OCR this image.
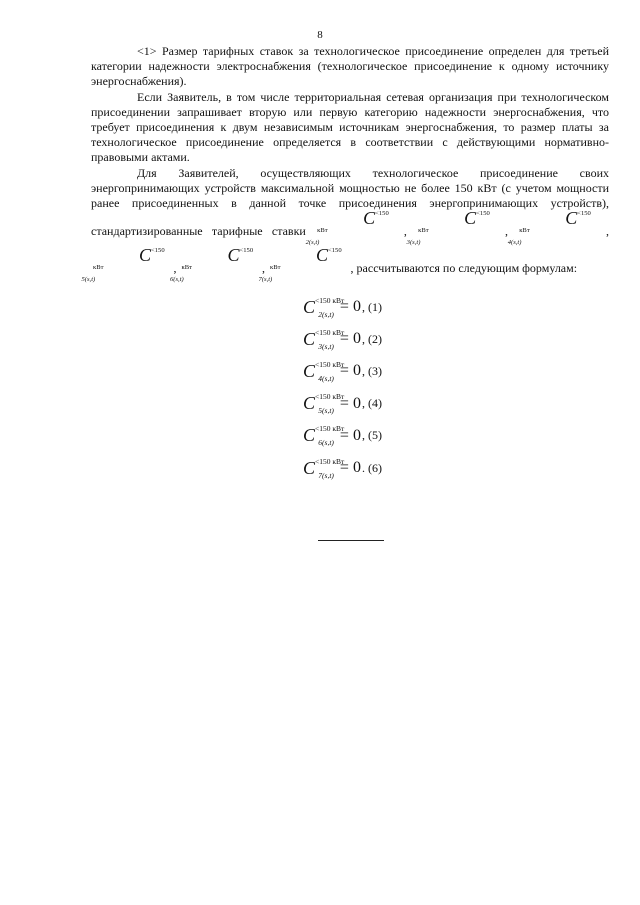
8

<1> Размер тарифных ставок за технологическое присоединение определен для третьей категории надежности электроснабжения (технологическое присоединение к одному источнику энергоснабжения).

Если Заявитель, в том числе территориальная сетевая организация при технологическом присоединении запрашивает вторую или первую категорию надежности энергоснабжения, что требует присоединения к двум независимым источникам энергоснабжения, то размер платы за технологическое присоединение определяется в соответствии с действующими нормативно-правовыми актами.

Для Заявителей, осуществляющих технологическое присоединение своих энергопринимающих устройств максимальной мощностью не более 150 кВт (с учетом мощности ранее присоединенных в данной точке присоединения энергопринимающих устройств), стандартизированные тарифные ставки $C^{<150 кВт}_{2(s,t)}$ , $C^{<150 кВт}_{3(s,t)}$ , $C^{<150 кВт}_{4(s,t)}$ , $C^{<150 кВт}_{5(s,t)}$ , $C^{<150 кВт}_{6(s,t)}$ , $C^{<150 кВт}_{7(s,t)}$ , рассчитываются по следующим формулам:

$C^{<150 кВт}_{2(s,t)} = 0$ , (1)
$C^{<150 кВт}_{3(s,t)} = 0$ , (2)
$C^{<150 кВт}_{4(s,t)} = 0$ , (3)
$C^{<150 кВт}_{5(s,t)} = 0$ , (4)
$C^{<150 кВт}_{6(s,t)} = 0$ , (5)
$C^{<150 кВт}_{7(s,t)} = 0$ . (6)
